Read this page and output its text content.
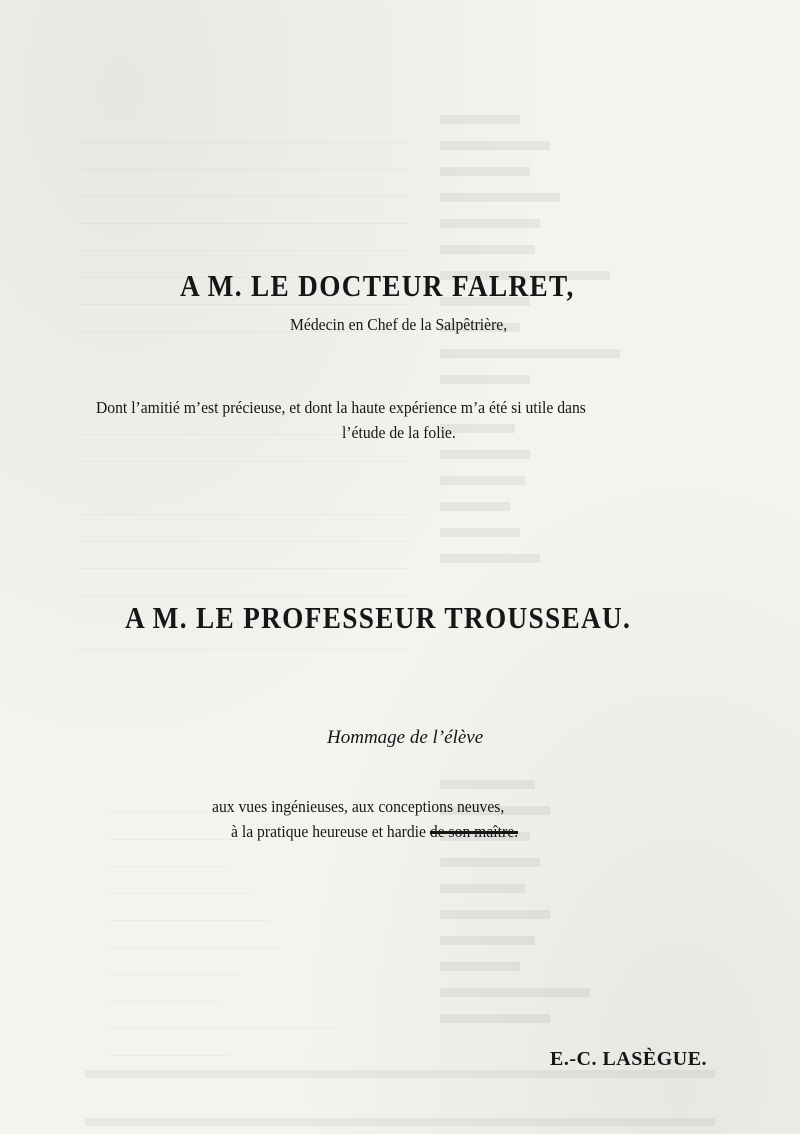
A M. LE DOCTEUR FALRET,
Médecin en Chef de la Salpêtrière,
Dont l’amitié m’est précieuse, et dont la haute expérience m’a été si utile dans
l’étude de la folie.
A M. LE PROFESSEUR TROUSSEAU.
Hommage de l’élève
aux vues ingénieuses, aux conceptions neuves,
à la pratique heureuse et hardie de son maître.
E.-C. LASÈGUE.
